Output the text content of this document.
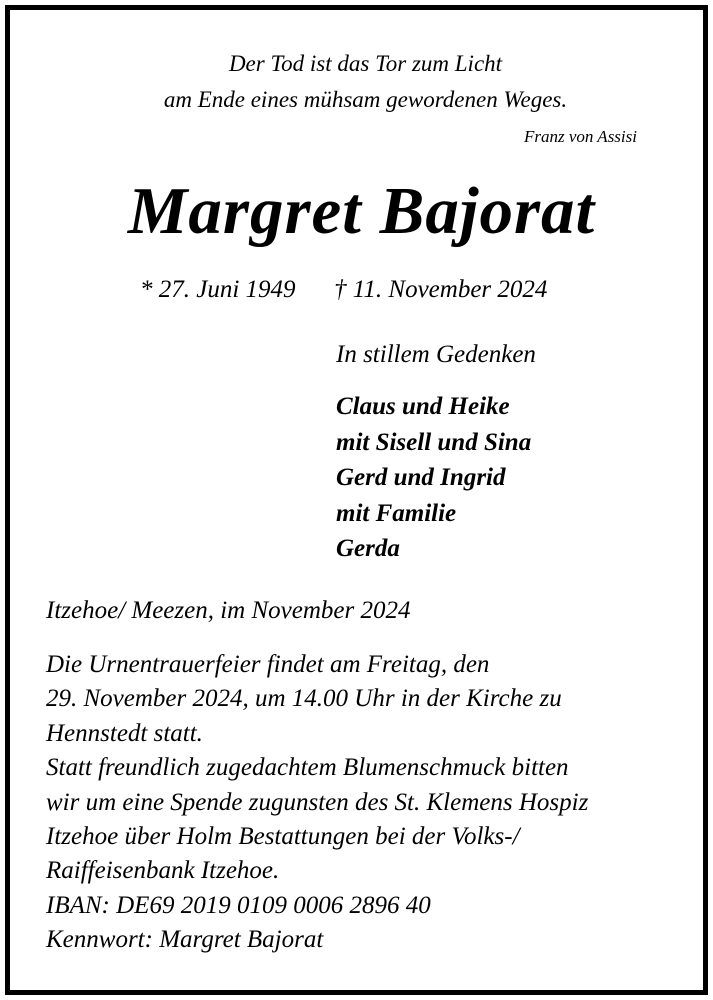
Der Tod ist das Tor zum Licht
am Ende eines mühsam gewordenen Weges.
Franz von Assisi
Margret Bajorat
* 27. Juni 1949 † 11. November 2024
In stillem Gedenken
Claus und Heike
mit Sisell und Sina
Gerd und Ingrid
mit Familie
Gerda
Itzehoe/ Meezen, im November 2024
Die Urnentrauerfeier findet am Freitag, den
29. November 2024, um 14.00 Uhr in der Kirche zu
Hennstedt statt.
Statt freundlich zugedachtem Blumenschmuck bitten
wir um eine Spende zugunsten des St. Klemens Hospiz
Itzehoe über Holm Bestattungen bei der Volks-/
Raiffeisenbank Itzehoe.
IBAN: DE69 2019 0109 0006 2896 40
Kennwort: Margret Bajorat
